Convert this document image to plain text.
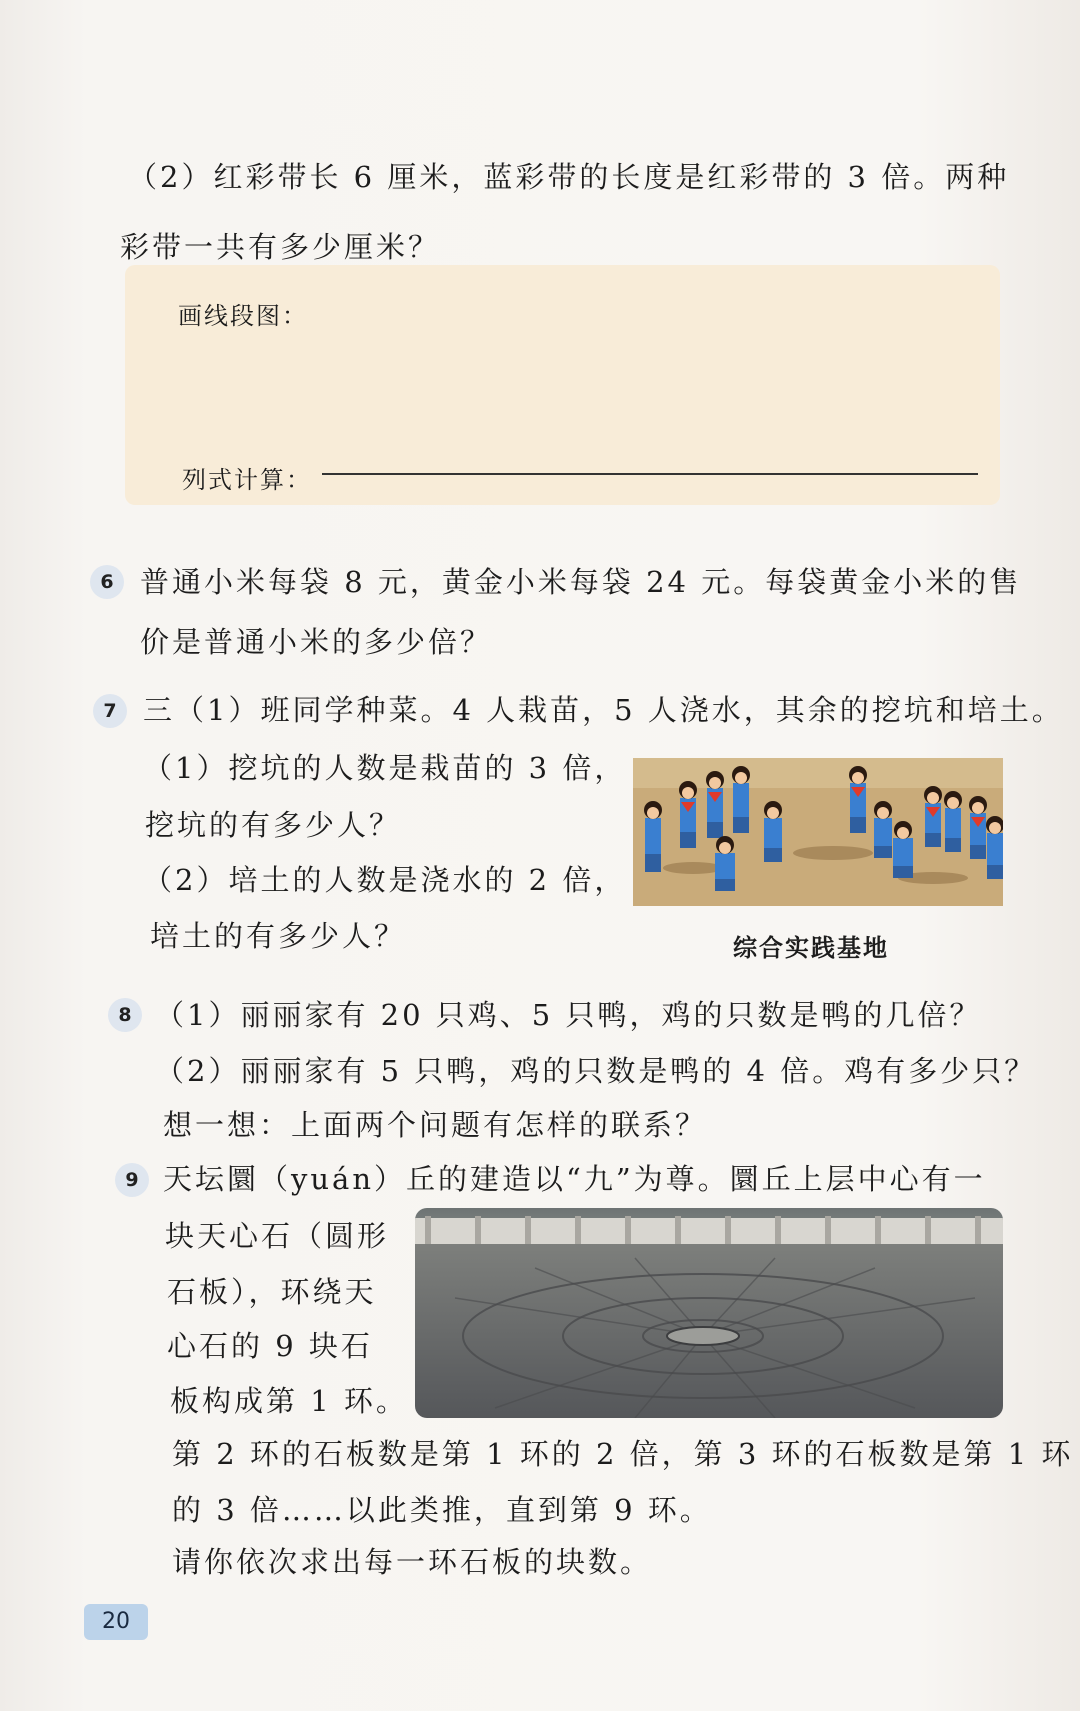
（2）红彩带长 6 厘米，蓝彩带的长度是红彩带的 3 倍。两种
彩带一共有多少厘米？
画线段图：
列式计算：
6 普通小米每袋 8 元，黄金小米每袋 24 元。每袋黄金小米的售
价是普通小米的多少倍？
7 三（1）班同学种菜。4 人栽苗，5 人浇水，其余的挖坑和培土。
（1）挖坑的人数是栽苗的 3 倍，
挖坑的有多少人？
（2）培土的人数是浇水的 2 倍，
培土的有多少人？	综合实践基地
8 （1）丽丽家有 20 只鸡、5 只鸭，鸡的只数是鸭的几倍？
（2）丽丽家有 5 只鸭，鸡的只数是鸭的 4 倍。鸡有多少只？
想一想：上面两个问题有怎样的联系？
9 天坛圜（yuán）丘的建造以“九”为尊。圜丘上层中心有一
块天心石（圆形
石板），环绕天
心石的 9 块石
板构成第 1 环。
第 2 环的石板数是第 1 环的 2 倍，第 3 环的石板数是第 1 环
的 3 倍……以此类推，直到第 9 环。
请你依次求出每一环石板的块数。
20
